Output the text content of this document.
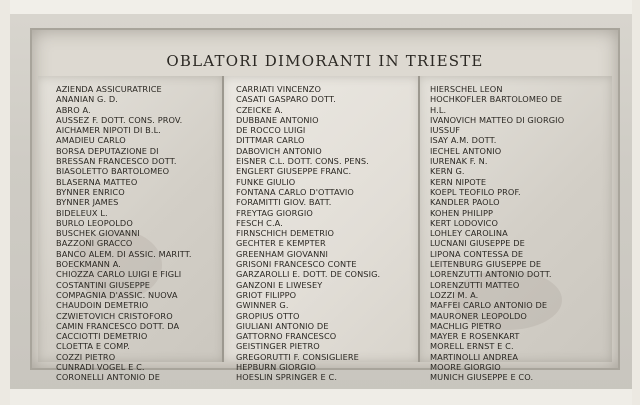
OBLATORI DIMORANTI IN TRIESTE
AZIENDA ASSICURATRICE
ANANIAN G. D.
ABRO A.
AUSSEZ F. DOTT. CONS. PROV.
AICHAMER NIPOTI DI B.L.
AMADIEU CARLO
BORSA DEPUTAZIONE DI
BRESSAN FRANCESCO DOTT.
BIASOLETTO BARTOLOMEO
BLASERNA MATTEO
BYNNER ENRICO
BYNNER JAMES
BIDELEUX L.
BURLO LEOPOLDO
BUSCHEK GIOVANNI
BAZZONI GRACCO
BANCO ALEM. DI ASSIC. MARITT.
BOECKMANN A.
CHIOZZA CARLO LUIGI E FIGLI
COSTANTINI GIUSEPPE
COMPAGNIA D'ASSIC. NUOVA
CHAUDOIN DEMETRIO
CZWIETOVICH CRISTOFORO
CAMIN FRANCESCO DOTT. DA
CACCIOTTI DEMETRIO
CLOETTA E COMP.
COZZI PIETRO
CUNRADI VOGEL E C.
CORONELLI ANTONIO DE
CARRIATI VINCENZO
CASATI GASPARO DOTT.
CZEICKE A.
DUBBANE ANTONIO
DE ROCCO LUIGI
DITTMAR CARLO
DABOVICH ANTONIO
EISNER C.L. DOTT. CONS. PENS.
ENGLERT GIUSEPPE FRANC.
FUNKE GIULIO
FONTANA CARLO D'OTTAVIO
FORAMITTI GIOV. BATT.
FREYTAG GIORGIO
FESCH C.A.
FIRNSCHICH DEMETRIO
GECHTER E KEMPTER
GREENHAM GIOVANNI
GRISONI FRANCESCO CONTE
GARZAROLLI E. DOTT. DE CONSIG.
GANZONI E LIWESEY
GRIOT FILIPPO
GWINNER G.
GROPIUS OTTO
GIULIANI ANTONIO DE
GATTORNO FRANCESCO
GEISTINGER PIETRO
GREGORUTTI F. CONSIGLIERE
HEPBURN GIORGIO
HOESLIN SPRINGER E C.
HIERSCHEL LEON
HOCHKOFLER BARTOLOMEO DE
H.L.
IVANOVICH MATTEO DI GIORGIO
IUSSUF
ISAY A.M. DOTT.
IECHEL ANTONIO
IURENAK F. N.
KERN G.
KERN NIPOTE
KOEPL TEOFILO PROF.
KANDLER PAOLO
KOHEN PHILIPP
KERT LODOVICO
LOHLEY CAROLINA
LUCNANI GIUSEPPE DE
LIPONA CONTESSA DE
LEITENBURG GIUSEPPE DE
LORENZUTTI ANTONIO DOTT.
LORENZUTTI MATTEO
LOZZI M. A.
MAFFEI CARLO ANTONIO DE
MAURONER LEOPOLDO
MACHLIG PIETRO
MAYER E ROSENKART
MORELL ERNST E C.
MARTINOLLI ANDREA
MOORE GIORGIO
MUNICH GIUSEPPE E CO.
